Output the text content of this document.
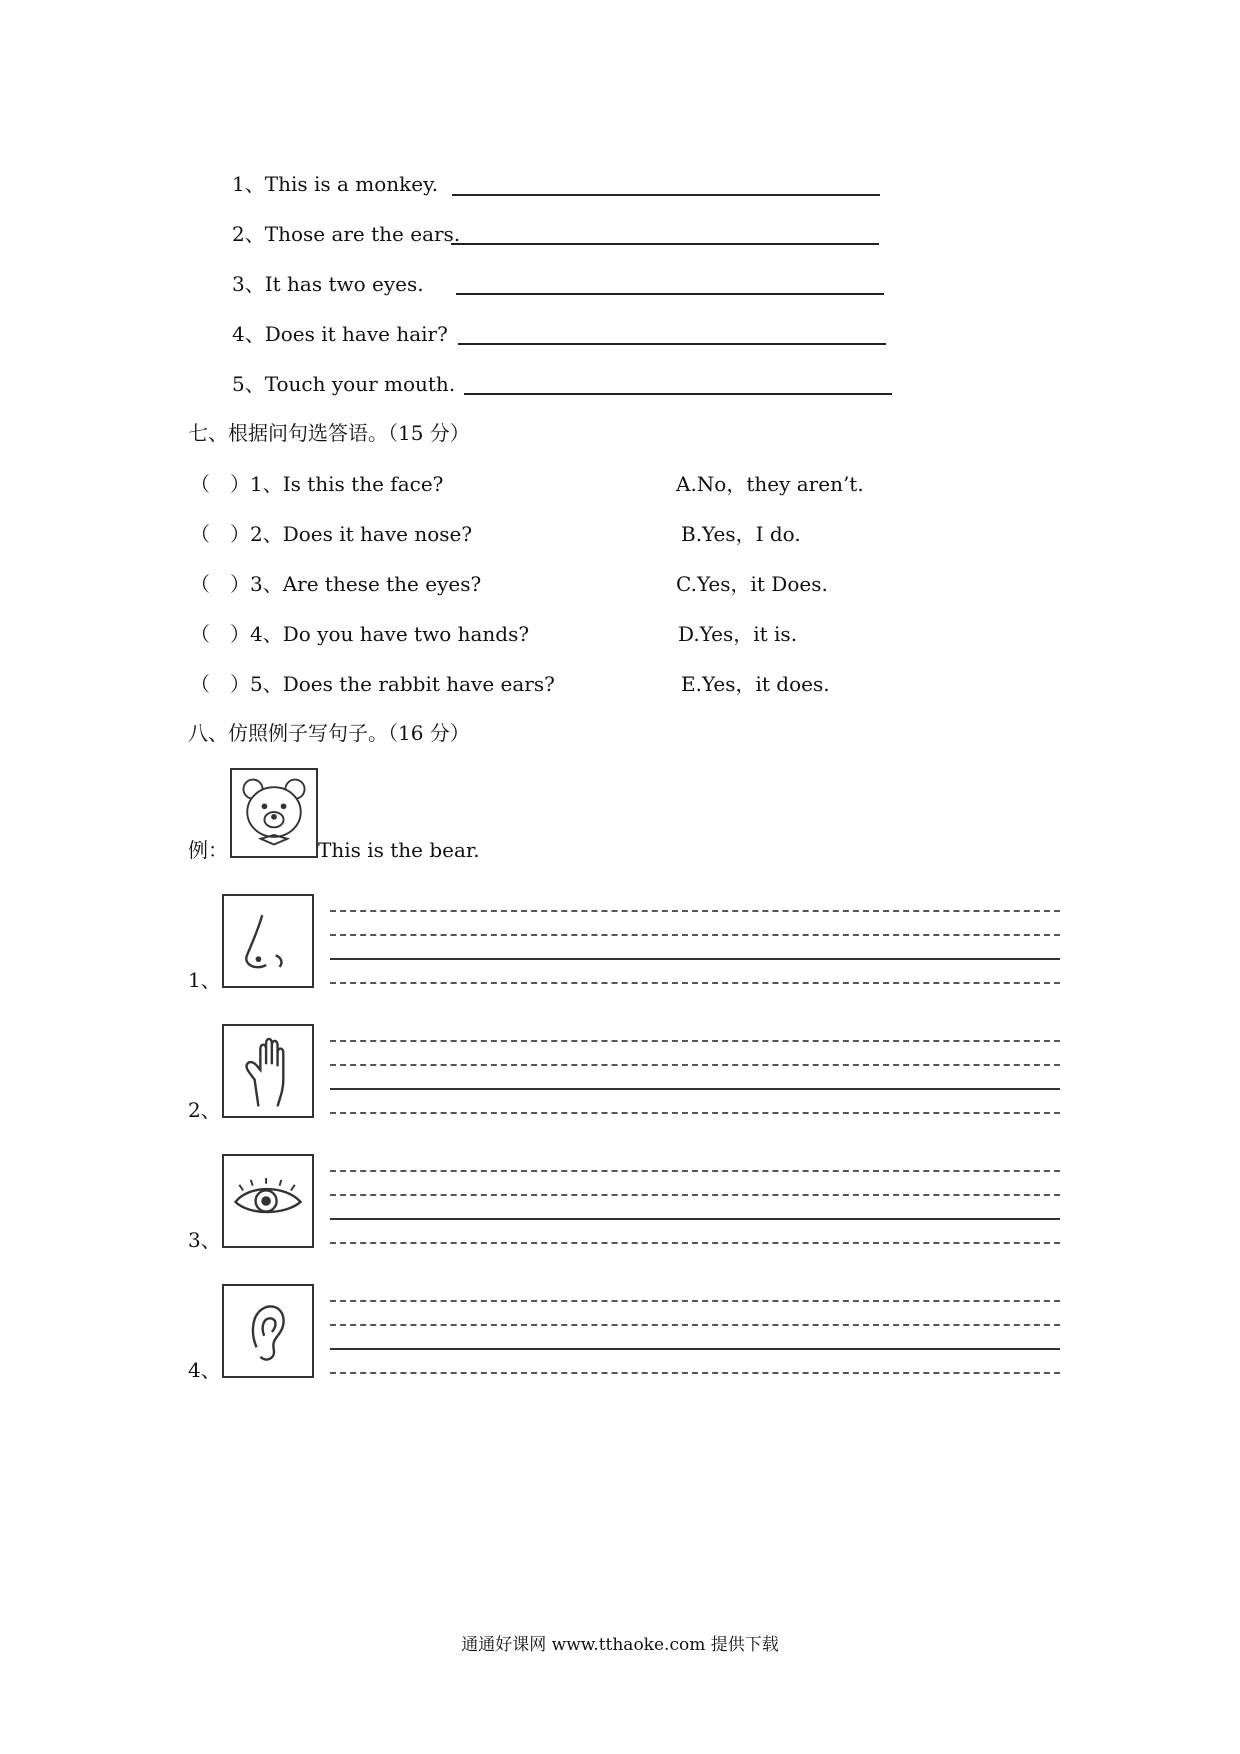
1、This is a monkey.
2、Those are the ears.
3、It has two eyes.
4、Does it have hair?
5、Touch your mouth.
七、根据问句选答语。（15 分）
（　） 1、Is this the face?	A.No，they aren’t.
（　） 2、Does it have nose?	B.Yes，I do.
（　） 3、Are these the eyes?	C.Yes，it Does.
（　） 4、Do you have two hands?	D.Yes，it is.
（　） 5、Does the rabbit have ears?	E.Yes，it does.
八、仿照例子写句子。（16 分）
例：	This is the bear.
1、
2、
3、
4、
通通好课网 www.tthaoke.com 提供下载
